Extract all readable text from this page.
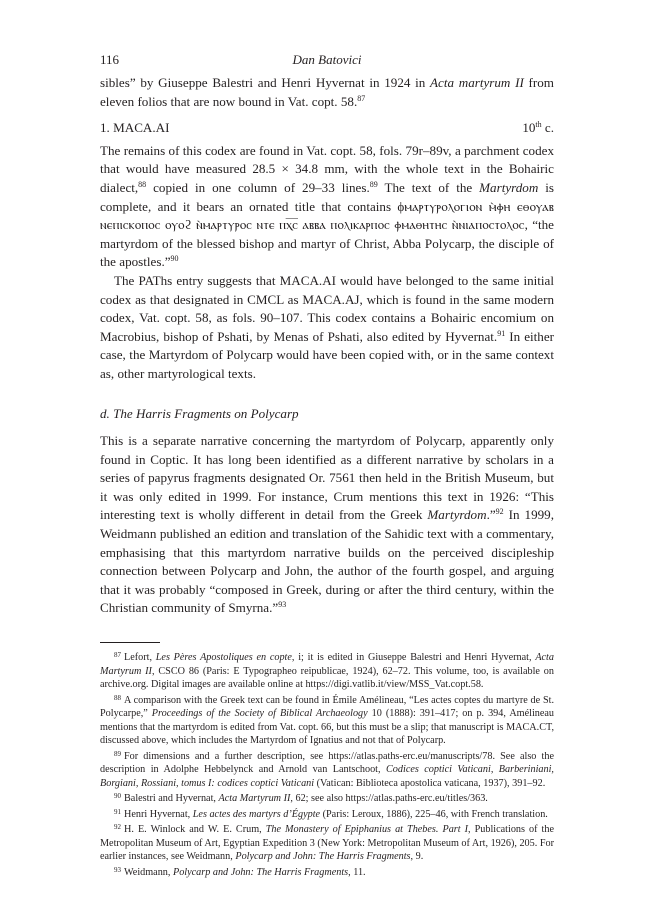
116	Dan Batovici

sibles” by Giuseppe Balestri and Henri Hyvernat in 1924 in Acta martyrum II from eleven folios that are now bound in Vat. copt. 58.87

1. MACA.AI	10th c.

The remains of this codex are found in Vat. copt. 58, fols. 79r–89v, a parchment codex that would have measured 28.5 × 34.8 mm, with the whole text in the Bohairic dialect,$^{88}$ copied in one column of 29–33 lines.$^{89}$ The text of the Martyrdom is complete, and it bears an ornated title that contains ϕⲙⲁⲣⲧⲩⲣⲟⲗⲟⲅⲓⲟⲛ ⲙ̀ⲫⲏ ⲉⲑⲟⲩⲁⲃ ⲛⲉⲡⲓⲥⲕⲟⲡⲟⲥ ⲟⲩⲟϩ ⲛ̀ⲙⲁⲣⲧⲩⲣⲟⲥ ⲛⲧⲉ ⲡⲭ̅ⲥ̅ ⲁⲃⲃⲁ ⲡⲟⲗⲓⲕⲁⲣⲡⲟⲥ ⲫⲙⲁⲑⲏⲧⲏⲥ ⲛ̀ⲛⲓⲁⲡⲟⲥⲧⲟⲗⲟⲥ, “the martyrdom of the blessed bishop and martyr of Christ, Abba Polycarp, the disciple of the apostles.”$^{90}$

The PAThs entry suggests that MACA.AI would have belonged to the same initial codex as that designated in CMCL as MACA.AJ, which is found in the same modern codex, Vat. copt. 58, as fols. 90–107. This codex contains a Bohairic encomium on Macrobius, bishop of Pshati, by Menas of Pshati, also edited by Hyvernat.$^{91}$ In either case, the Martyrdom of Polycarp would have been copied with, or in the same context as, other martyrological texts.

d. The Harris Fragments on Polycarp

This is a separate narrative concerning the martyrdom of Polycarp, apparently only found in Coptic. It has long been identified as a different narrative by scholars in a series of papyrus fragments designated Or. 7561 then held in the British Museum, but it was only edited in 1999. For instance, Crum mentions this text in 1926: “This interesting text is wholly different in detail from the Greek Martyrdom.”$^{92}$ In 1999, Weidmann published an edition and translation of the Sahidic text with a commentary, emphasising that this martyrdom narrative builds on the perceived discipleship connection between Polycarp and John, the author of the fourth gospel, and arguing that it was probably “composed in Greek, during or after the third century, within the Christian community of Smyrna.”$^{93}$

$^{87}$ Lefort, Les Pères Apostoliques en copte, i; it is edited in Giuseppe Balestri and Henri Hyvernat, Acta Martyrum II, CSCO 86 (Paris: E Typographeo reipublicae, 1924), 62–72. This volume, too, is available on archive.org. Digital images are available online at https://digi.vatlib.it/view/MSS_Vat.copt.58.

$^{88}$ A comparison with the Greek text can be found in Émile Amélineau, “Les actes coptes du martyre de St. Polycarpe,” Proceedings of the Society of Biblical Archaeology 10 (1888): 391–417; on p. 394, Amélineau mentions that the martyrdom is edited from Vat. copt. 66, but this must be a slip; that manuscript is MACA.CT, discussed above, which includes the Martyrdom of Ignatius and not that of Polycarp.

$^{89}$ For dimensions and a further description, see https://atlas.paths-erc.eu/manuscripts/78. See also the description in Adolphe Hebbelynck and Arnold van Lantschoot, Codices coptici Vaticani, Barberiniani, Borgiani, Rossiani, tomus I: codices coptici Vaticani (Vatican: Biblioteca apostolica vaticana, 1937), 391–92.

$^{90}$ Balestri and Hyvernat, Acta Martyrum II, 62; see also https://atlas.paths-erc.eu/titles/363.

$^{91}$ Henri Hyvernat, Les actes des martyrs d’Égypte (Paris: Leroux, 1886), 225–46, with French translation.

$^{92}$ H. E. Winlock and W. E. Crum, The Monastery of Epiphanius at Thebes. Part I, Publications of the Metropolitan Museum of Art, Egyptian Expedition 3 (New York: Metropolitan Museum of Art, 1926), 205. For earlier instances, see Weidmann, Polycarp and John: The Harris Fragments, 9.

$^{93}$ Weidmann, Polycarp and John: The Harris Fragments, 11.
